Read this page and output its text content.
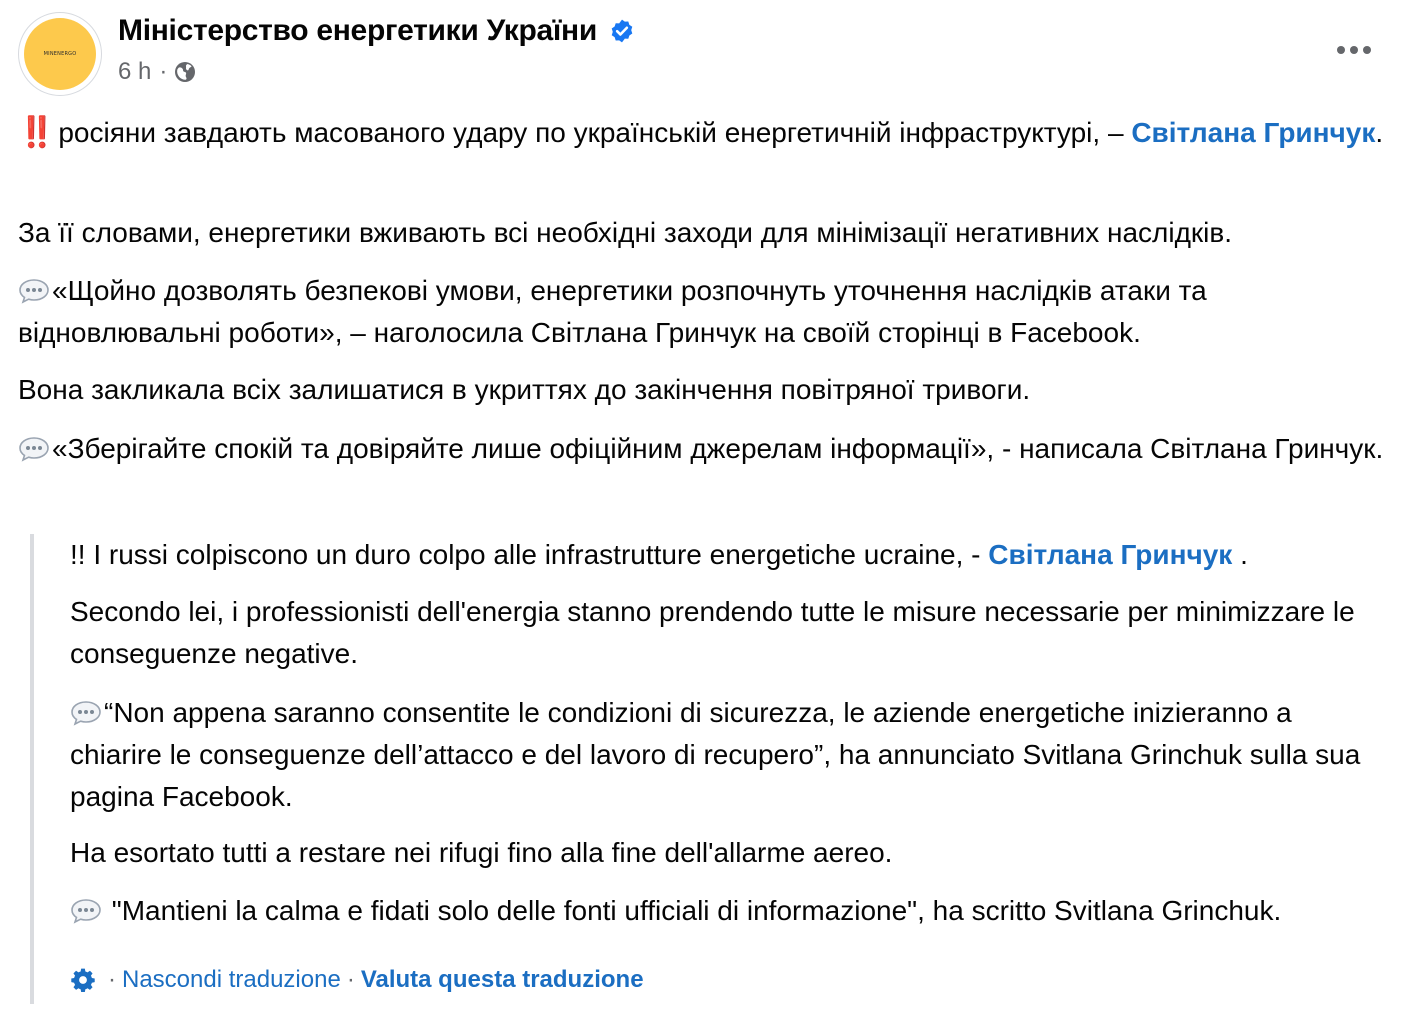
MINENERGO
Міністерство енергетики України
6 h ·

‼️ росіяни завдають масованого удару по українській енергетичній інфраструктурі, – Світлана Гринчук.

За її словами, енергетики вживають всі необхідні заходи для мінімізації негативних наслідків.

«Щойно дозволять безпекові умови, енергетики розпочнуть уточнення наслідків атаки та відновлювальні роботи», – наголосила Світлана Гринчук на своїй сторінці в Facebook.

Вона закликала всіх залишатися в укриттях до закінчення повітряної тривоги.

«Зберігайте спокій та довіряйте лише офіційним джерелам інформації», - написала Світлана Гринчук.

!! I russi colpiscono un duro colpo alle infrastrutture energetiche ucraine, - Світлана Гринчук .

Secondo lei, i professionisti dell'energia stanno prendendo tutte le misure necessarie per minimizzare le conseguenze negative.

“Non appena saranno consentite le condizioni di sicurezza, le aziende energetiche inizieranno a chiarire le conseguenze dell’attacco e del lavoro di recupero”, ha annunciato Svitlana Grinchuk sulla sua pagina Facebook.

Ha esortato tutti a restare nei rifugi fino alla fine dell'allarme aereo.

"Mantieni la calma e fidati solo delle fonti ufficiali di informazione", ha scritto Svitlana Grinchuk.

· Nascondi traduzione · Valuta questa traduzione
